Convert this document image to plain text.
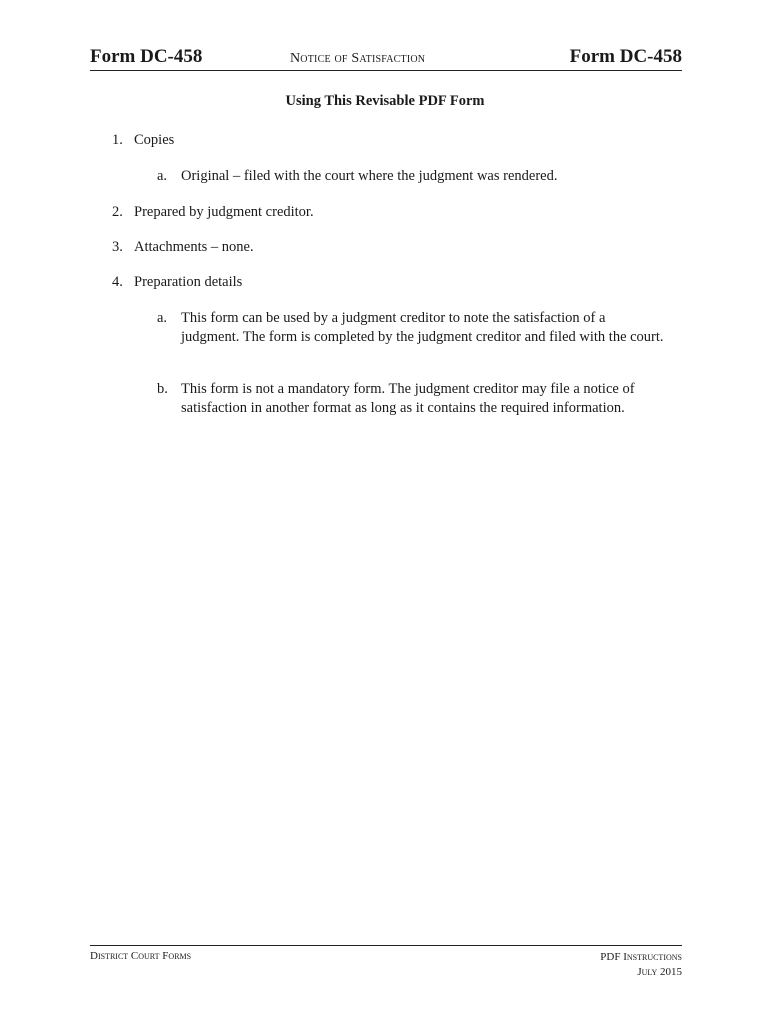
Form DC-458	Notice of Satisfaction	Form DC-458
Using This Revisable PDF Form
1. Copies
a. Original – filed with the court where the judgment was rendered.
2. Prepared by judgment creditor.
3. Attachments – none.
4. Preparation details
a. This form can be used by a judgment creditor to note the satisfaction of a judgment. The form is completed by the judgment creditor and filed with the court.
b. This form is not a mandatory form. The judgment creditor may file a notice of satisfaction in another format as long as it contains the required information.
District Court Forms	PDF Instructions
July 2015
